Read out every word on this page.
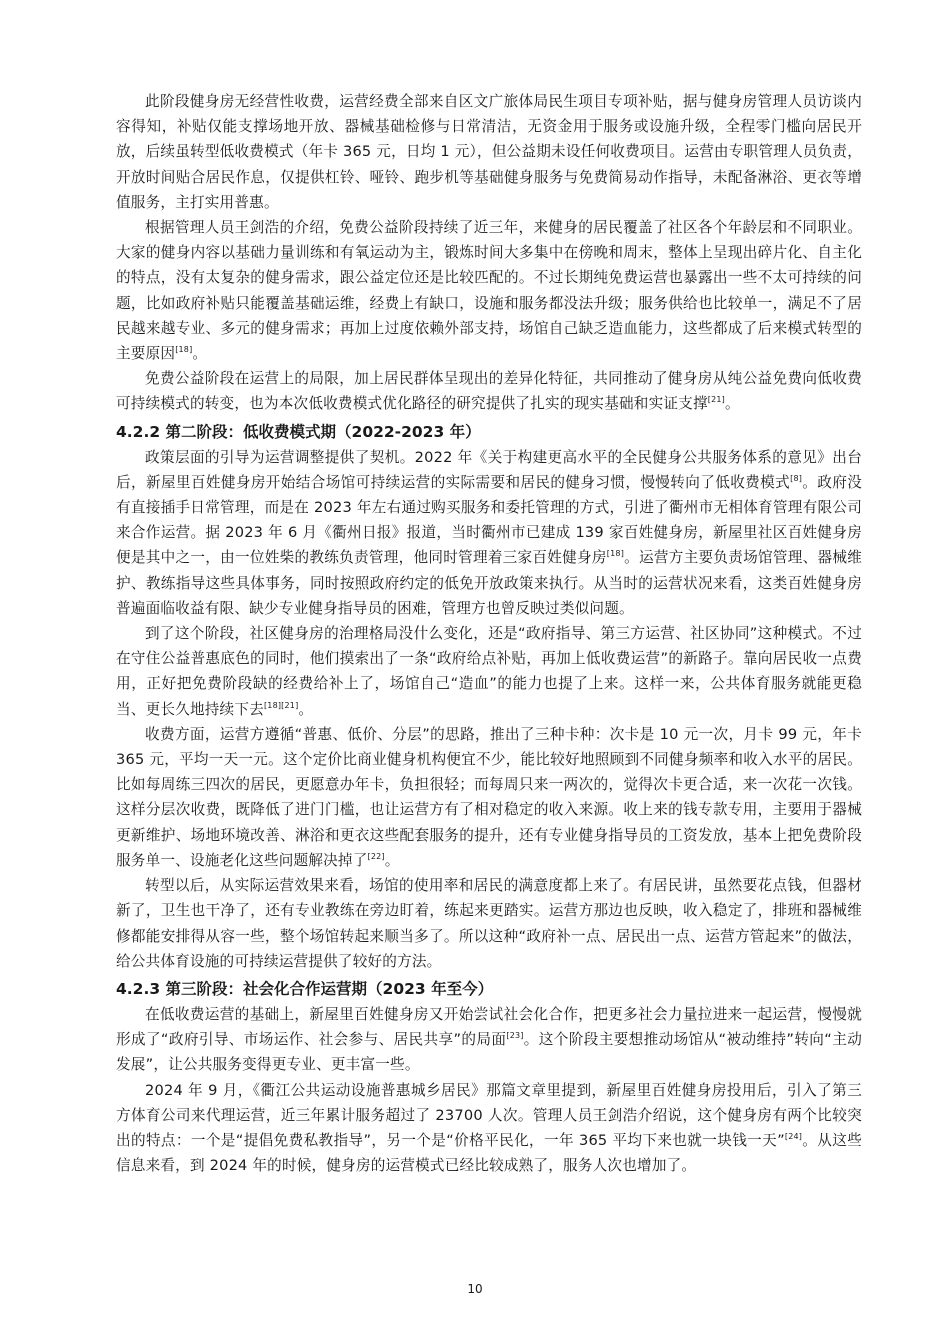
此阶段健身房无经营性收费，运营经费全部来自区文广旅体局民生项目专项补贴，据与健身房管理人员访谈内容得知，补贴仅能支撑场地开放、器械基础检修与日常清洁，无资金用于服务或设施升级，全程零门槛向居民开放，后续虽转型低收费模式（年卡 365 元，日均 1 元），但公益期未设任何收费项目。运营由专职管理人员负责，开放时间贴合居民作息，仅提供杠铃、哑铃、跑步机等基础健身服务与免费简易动作指导，未配备淋浴、更衣等增值服务，主打实用普惠。

根据管理人员王剑浩的介绍，免费公益阶段持续了近三年，来健身的居民覆盖了社区各个年龄层和不同职业。大家的健身内容以基础力量训练和有氧运动为主，锻炼时间大多集中在傍晚和周末，整体上呈现出碎片化、自主化的特点，没有太复杂的健身需求，跟公益定位还是比较匹配的。不过长期纯免费运营也暴露出一些不太可持续的问题，比如政府补贴只能覆盖基础运维，经费上有缺口，设施和服务都没法升级；服务供给也比较单一，满足不了居民越来越专业、多元的健身需求；再加上过度依赖外部支持，场馆自己缺乏造血能力，这些都成了后来模式转型的主要原因[18]。

免费公益阶段在运营上的局限，加上居民群体呈现出的差异化特征，共同推动了健身房从纯公益免费向低收费可持续模式的转变，也为本次低收费模式优化路径的研究提供了扎实的现实基础和实证支撑[21]。

4.2.2 第二阶段：低收费模式期（2022-2023 年）

政策层面的引导为运营调整提供了契机。2022 年《关于构建更高水平的全民健身公共服务体系的意见》出台后，新屋里百姓健身房开始结合场馆可持续运营的实际需要和居民的健身习惯，慢慢转向了低收费模式[8]。政府没有直接插手日常管理，而是在 2023 年左右通过购买服务和委托管理的方式，引进了衢州市无相体育管理有限公司来合作运营。据 2023 年 6 月《衢州日报》报道，当时衢州市已建成 139 家百姓健身房，新屋里社区百姓健身房便是其中之一，由一位姓柴的教练负责管理，他同时管理着三家百姓健身房[18]。运营方主要负责场馆管理、器械维护、教练指导这些具体事务，同时按照政府约定的低免开放政策来执行。从当时的运营状况来看，这类百姓健身房普遍面临收益有限、缺少专业健身指导员的困难，管理方也曾反映过类似问题。

到了这个阶段，社区健身房的治理格局没什么变化，还是“政府指导、第三方运营、社区协同”这种模式。不过在守住公益普惠底色的同时，他们摸索出了一条“政府给点补贴，再加上低收费运营”的新路子。靠向居民收一点费用，正好把免费阶段缺的经费给补上了，场馆自己“造血”的能力也提了上来。这样一来，公共体育服务就能更稳当、更长久地持续下去[18][21]。

收费方面，运营方遵循“普惠、低价、分层”的思路，推出了三种卡种：次卡是 10 元一次，月卡 99 元，年卡 365 元，平均一天一元。这个定价比商业健身机构便宜不少，能比较好地照顾到不同健身频率和收入水平的居民。比如每周练三四次的居民，更愿意办年卡，负担很轻；而每周只来一两次的，觉得次卡更合适，来一次花一次钱。这样分层次收费，既降低了进门门槛，也让运营方有了相对稳定的收入来源。收上来的钱专款专用，主要用于器械更新维护、场地环境改善、淋浴和更衣这些配套服务的提升，还有专业健身指导员的工资发放，基本上把免费阶段服务单一、设施老化这些问题解决掉了[22]。

转型以后，从实际运营效果来看，场馆的使用率和居民的满意度都上来了。有居民讲，虽然要花点钱，但器材新了，卫生也干净了，还有专业教练在旁边盯着，练起来更踏实。运营方那边也反映，收入稳定了，排班和器械维修都能安排得从容一些，整个场馆转起来顺当多了。所以这种“政府补一点、居民出一点、运营方管起来”的做法，给公共体育设施的可持续运营提供了较好的方法。

4.2.3 第三阶段：社会化合作运营期（2023 年至今）

在低收费运营的基础上，新屋里百姓健身房又开始尝试社会化合作，把更多社会力量拉进来一起运营，慢慢就形成了“政府引导、市场运作、社会参与、居民共享”的局面[23]。这个阶段主要想推动场馆从“被动维持”转向“主动发展”，让公共服务变得更专业、更丰富一些。

2024 年 9 月，《衢江公共运动设施普惠城乡居民》那篇文章里提到，新屋里百姓健身房投用后，引入了第三方体育公司来代理运营，近三年累计服务超过了 23700 人次。管理人员王剑浩介绍说，这个健身房有两个比较突出的特点：一个是“提倡免费私教指导”，另一个是“价格平民化，一年 365 平均下来也就一块钱一天”[24]。从这些信息来看，到 2024 年的时候，健身房的运营模式已经比较成熟了，服务人次也增加了。

10
